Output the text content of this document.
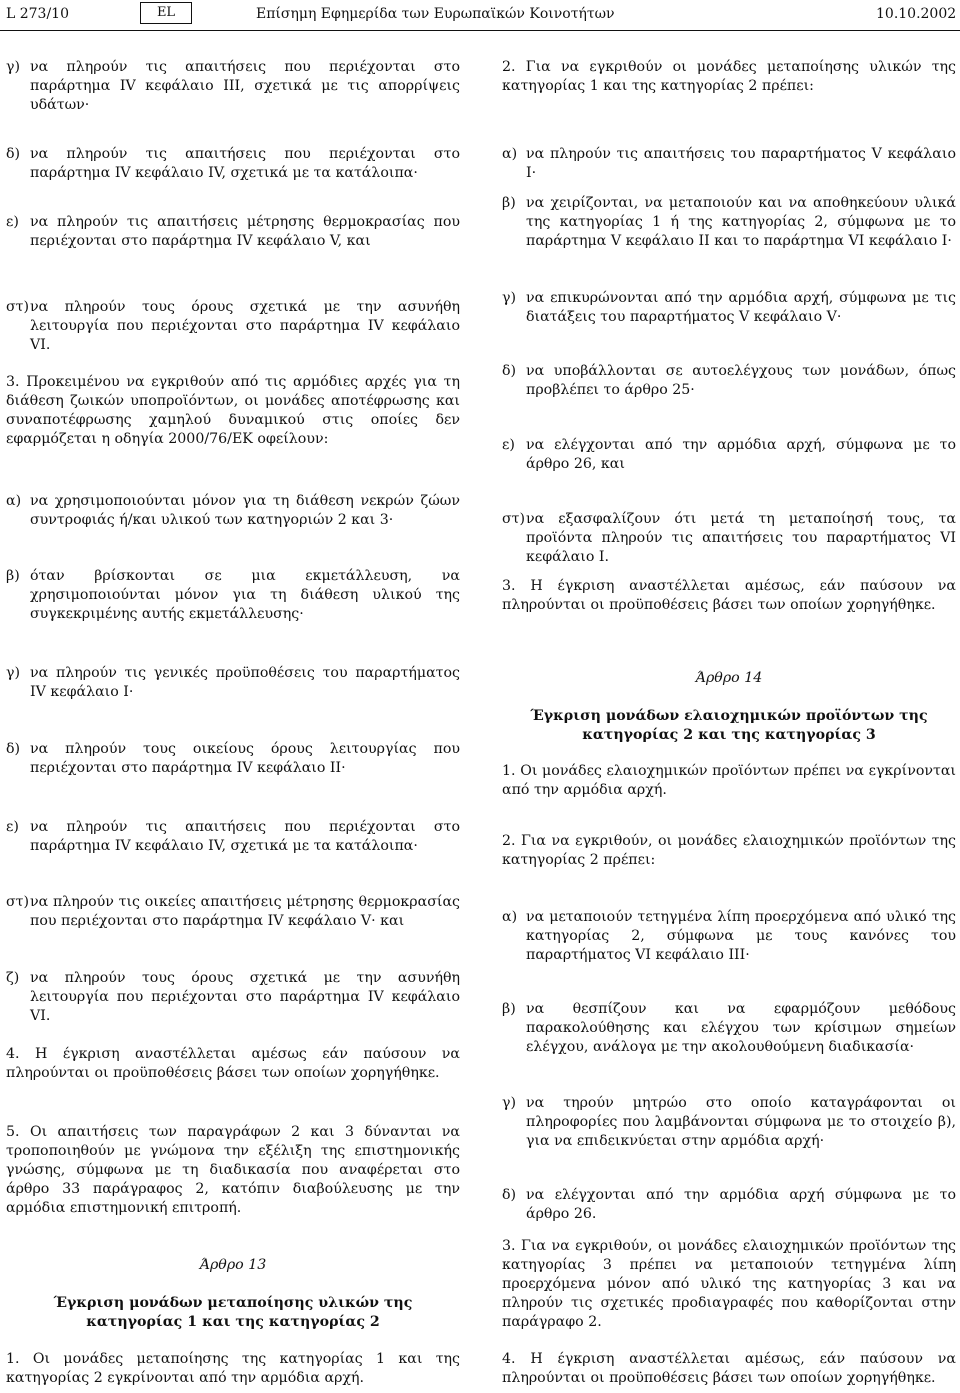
L 273/10	EL	Επίσημη Εφημερίδα των Ευρωπαϊκών Κοινοτήτων	10.10.2002
γ) να πληρούν τις απαιτήσεις που περιέχονται στο παράρτημα IV κεφάλαιο III, σχετικά με τις απορρίψεις υδάτων·
δ) να πληρούν τις απαιτήσεις που περιέχονται στο παράρτημα IV κεφάλαιο IV, σχετικά με τα κατάλοιπα·
ε) να πληρούν τις απαιτήσεις μέτρησης θερμοκρασίας που περιέχονται στο παράρτημα IV κεφάλαιο V, και
στ)να πληρούν τους όρους σχετικά με την ασυνήθη λειτουργία που περιέχονται στο παράρτημα IV κεφάλαιο VI.
3. Προκειμένου να εγκριθούν από τις αρμόδιες αρχές για τη διάθεση ζωικών υποπροϊόντων, οι μονάδες αποτέφρωσης και συναποτέφρωσης χαμηλού δυναμικού στις οποίες δεν εφαρμόζεται η οδηγία 2000/76/ΕΚ οφείλουν:
α) να χρησιμοποιούνται μόνον για τη διάθεση νεκρών ζώων συντροφιάς ή/και υλικού των κατηγοριών 2 και 3·
β) όταν βρίσκονται σε μια εκμετάλλευση, να χρησιμοποιούνται μόνον για τη διάθεση υλικού της συγκεκριμένης αυτής εκμετάλλευσης·
γ) να πληρούν τις γενικές προϋποθέσεις του παραρτήματος IV κεφάλαιο I·
δ) να πληρούν τους οικείους όρους λειτουργίας που περιέχονται στο παράρτημα IV κεφάλαιο II·
ε) να πληρούν τις απαιτήσεις που περιέχονται στο παράρτημα IV κεφάλαιο IV, σχετικά με τα κατάλοιπα·
στ)να πληρούν τις οικείες απαιτήσεις μέτρησης θερμοκρασίας που περιέχονται στο παράρτημα IV κεφάλαιο V· και
ζ) να πληρούν τους όρους σχετικά με την ασυνήθη λειτουργία που περιέχονται στο παράρτημα IV κεφάλαιο VI.
4. Η έγκριση αναστέλλεται αμέσως εάν παύσουν να πληρούνται οι προϋποθέσεις βάσει των οποίων χορηγήθηκε.
5. Οι απαιτήσεις των παραγράφων 2 και 3 δύνανται να τροποποιηθούν με γνώμονα την εξέλιξη της επιστημονικής γνώσης, σύμφωνα με τη διαδικασία που αναφέρεται στο άρθρο 33 παράγραφος 2, κατόπιν διαβούλευσης με την αρμόδια επιστημονική επιτροπή.
Άρθρο 13
Έγκριση μονάδων μεταποίησης υλικών της κατηγορίας 1 και της κατηγορίας 2
1. Οι μονάδες μεταποίησης της κατηγορίας 1 και της κατηγορίας 2 εγκρίνονται από την αρμόδια αρχή.
2. Για να εγκριθούν οι μονάδες μεταποίησης υλικών της κατηγορίας 1 και της κατηγορίας 2 πρέπει:
α) να πληρούν τις απαιτήσεις του παραρτήματος V κεφάλαιο I·
β) να χειρίζονται, να μεταποιούν και να αποθηκεύουν υλικά της κατηγορίας 1 ή της κατηγορίας 2, σύμφωνα με το παράρτημα V κεφάλαιο II και το παράρτημα VI κεφάλαιο I·
γ) να επικυρώνονται από την αρμόδια αρχή, σύμφωνα με τις διατάξεις του παραρτήματος V κεφάλαιο V·
δ) να υποβάλλονται σε αυτοελέγχους των μονάδων, όπως προβλέπει το άρθρο 25·
ε) να ελέγχονται από την αρμόδια αρχή, σύμφωνα με το άρθρο 26, και
στ)να εξασφαλίζουν ότι μετά τη μεταποίησή τους, τα προϊόντα πληρούν τις απαιτήσεις του παραρτήματος VI κεφάλαιο I.
3. Η έγκριση αναστέλλεται αμέσως, εάν παύσουν να πληρούνται οι προϋποθέσεις βάσει των οποίων χορηγήθηκε.
Άρθρο 14
Έγκριση μονάδων ελαιοχημικών προϊόντων της κατηγορίας 2 και της κατηγορίας 3
1. Οι μονάδες ελαιοχημικών προϊόντων πρέπει να εγκρίνονται από την αρμόδια αρχή.
2. Για να εγκριθούν, οι μονάδες ελαιοχημικών προϊόντων της κατηγορίας 2 πρέπει:
α) να μεταποιούν τετηγμένα λίπη προερχόμενα από υλικό της κατηγορίας 2, σύμφωνα με τους κανόνες του παραρτήματος VI κεφάλαιο III·
β) να θεσπίζουν και να εφαρμόζουν μεθόδους παρακολούθησης και ελέγχου των κρίσιμων σημείων ελέγχου, ανάλογα με την ακολουθούμενη διαδικασία·
γ) να τηρούν μητρώο στο οποίο καταγράφονται οι πληροφορίες που λαμβάνονται σύμφωνα με το στοιχείο β), για να επιδεικνύεται στην αρμόδια αρχή·
δ) να ελέγχονται από την αρμόδια αρχή σύμφωνα με το άρθρο 26.
3. Για να εγκριθούν, οι μονάδες ελαιοχημικών προϊόντων της κατηγορίας 3 πρέπει να μεταποιούν τετηγμένα λίπη προερχόμενα μόνον από υλικό της κατηγορίας 3 και να πληρούν τις σχετικές προδιαγραφές που καθορίζονται στην παράγραφο 2.
4. Η έγκριση αναστέλλεται αμέσως, εάν παύσουν να πληρούνται οι προϋποθέσεις βάσει των οποίων χορηγήθηκε.
